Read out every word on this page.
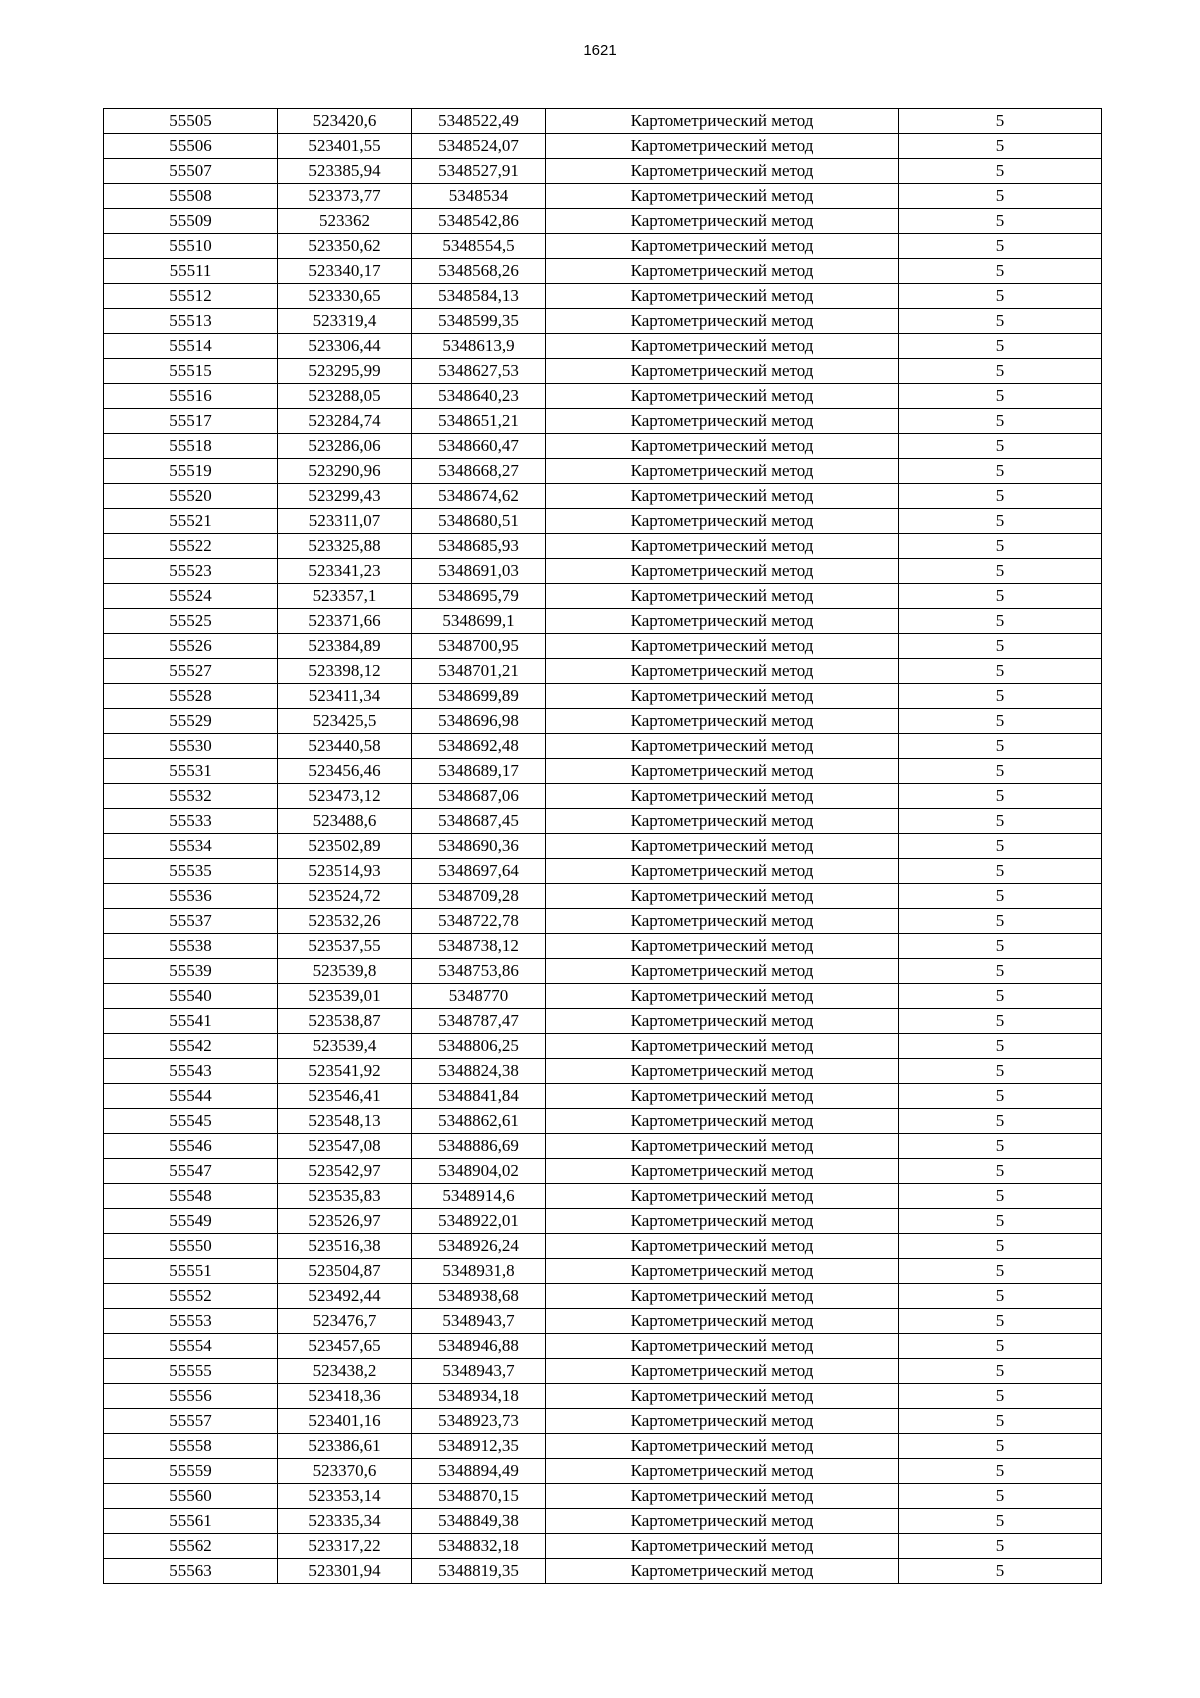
1621
55505	523420,6	5348522,49	Картометрический метод	5
55506	523401,55	5348524,07	Картометрический метод	5
55507	523385,94	5348527,91	Картометрический метод	5
55508	523373,77	5348534	Картометрический метод	5
55509	523362	5348542,86	Картометрический метод	5
55510	523350,62	5348554,5	Картометрический метод	5
55511	523340,17	5348568,26	Картометрический метод	5
55512	523330,65	5348584,13	Картометрический метод	5
55513	523319,4	5348599,35	Картометрический метод	5
55514	523306,44	5348613,9	Картометрический метод	5
55515	523295,99	5348627,53	Картометрический метод	5
55516	523288,05	5348640,23	Картометрический метод	5
55517	523284,74	5348651,21	Картометрический метод	5
55518	523286,06	5348660,47	Картометрический метод	5
55519	523290,96	5348668,27	Картометрический метод	5
55520	523299,43	5348674,62	Картометрический метод	5
55521	523311,07	5348680,51	Картометрический метод	5
55522	523325,88	5348685,93	Картометрический метод	5
55523	523341,23	5348691,03	Картометрический метод	5
55524	523357,1	5348695,79	Картометрический метод	5
55525	523371,66	5348699,1	Картометрический метод	5
55526	523384,89	5348700,95	Картометрический метод	5
55527	523398,12	5348701,21	Картометрический метод	5
55528	523411,34	5348699,89	Картометрический метод	5
55529	523425,5	5348696,98	Картометрический метод	5
55530	523440,58	5348692,48	Картометрический метод	5
55531	523456,46	5348689,17	Картометрический метод	5
55532	523473,12	5348687,06	Картометрический метод	5
55533	523488,6	5348687,45	Картометрический метод	5
55534	523502,89	5348690,36	Картометрический метод	5
55535	523514,93	5348697,64	Картометрический метод	5
55536	523524,72	5348709,28	Картометрический метод	5
55537	523532,26	5348722,78	Картометрический метод	5
55538	523537,55	5348738,12	Картометрический метод	5
55539	523539,8	5348753,86	Картометрический метод	5
55540	523539,01	5348770	Картометрический метод	5
55541	523538,87	5348787,47	Картометрический метод	5
55542	523539,4	5348806,25	Картометрический метод	5
55543	523541,92	5348824,38	Картометрический метод	5
55544	523546,41	5348841,84	Картометрический метод	5
55545	523548,13	5348862,61	Картометрический метод	5
55546	523547,08	5348886,69	Картометрический метод	5
55547	523542,97	5348904,02	Картометрический метод	5
55548	523535,83	5348914,6	Картометрический метод	5
55549	523526,97	5348922,01	Картометрический метод	5
55550	523516,38	5348926,24	Картометрический метод	5
55551	523504,87	5348931,8	Картометрический метод	5
55552	523492,44	5348938,68	Картометрический метод	5
55553	523476,7	5348943,7	Картометрический метод	5
55554	523457,65	5348946,88	Картометрический метод	5
55555	523438,2	5348943,7	Картометрический метод	5
55556	523418,36	5348934,18	Картометрический метод	5
55557	523401,16	5348923,73	Картометрический метод	5
55558	523386,61	5348912,35	Картометрический метод	5
55559	523370,6	5348894,49	Картометрический метод	5
55560	523353,14	5348870,15	Картометрический метод	5
55561	523335,34	5348849,38	Картометрический метод	5
55562	523317,22	5348832,18	Картометрический метод	5
55563	523301,94	5348819,35	Картометрический метод	5
